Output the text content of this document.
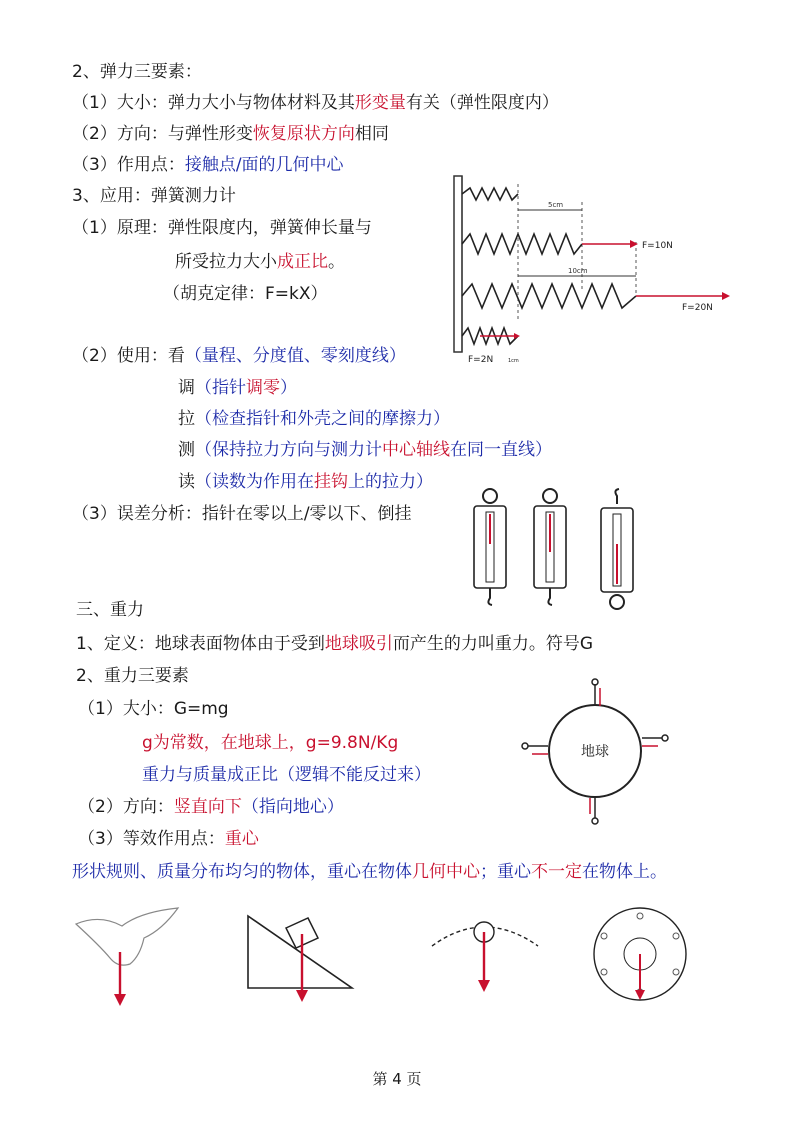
2、弹力三要素：
（1）大小：弹力大小与物体材料及其形变量有关（弹性限度内）
（2）方向：与弹性形变恢复原状方向相同
（3）作用点：接触点/面的几何中心
3、应用：弹簧测力计
（1）原理：弹性限度内，弹簧伸长量与
所受拉力大小成正比。
（胡克定律：F=kX）
（2）使用：看（量程、分度值、零刻度线）
调（指针调零）
拉（检查指针和外壳之间的摩擦力）
测（保持拉力方向与测力计中心轴线在同一直线）
读（读数为作用在挂钩上的拉力）
（3）误差分析：指针在零以上/零以下、倒挂
三、重力
1、定义：地球表面物体由于受到地球吸引而产生的力叫重力。符号G
2、重力三要素
（1）大小：G=mg
g为常数，在地球上，g=9.8N/Kg
重力与质量成正比（逻辑不能反过来）
（2）方向：竖直向下（指向地心）
（3）等效作用点：重心
形状规则、质量分布均匀的物体，重心在物体几何中心；重心不一定在物体上。
5cm
10cm
F=10N
F=20N
F=2N	1cm
地球
第 4 页
